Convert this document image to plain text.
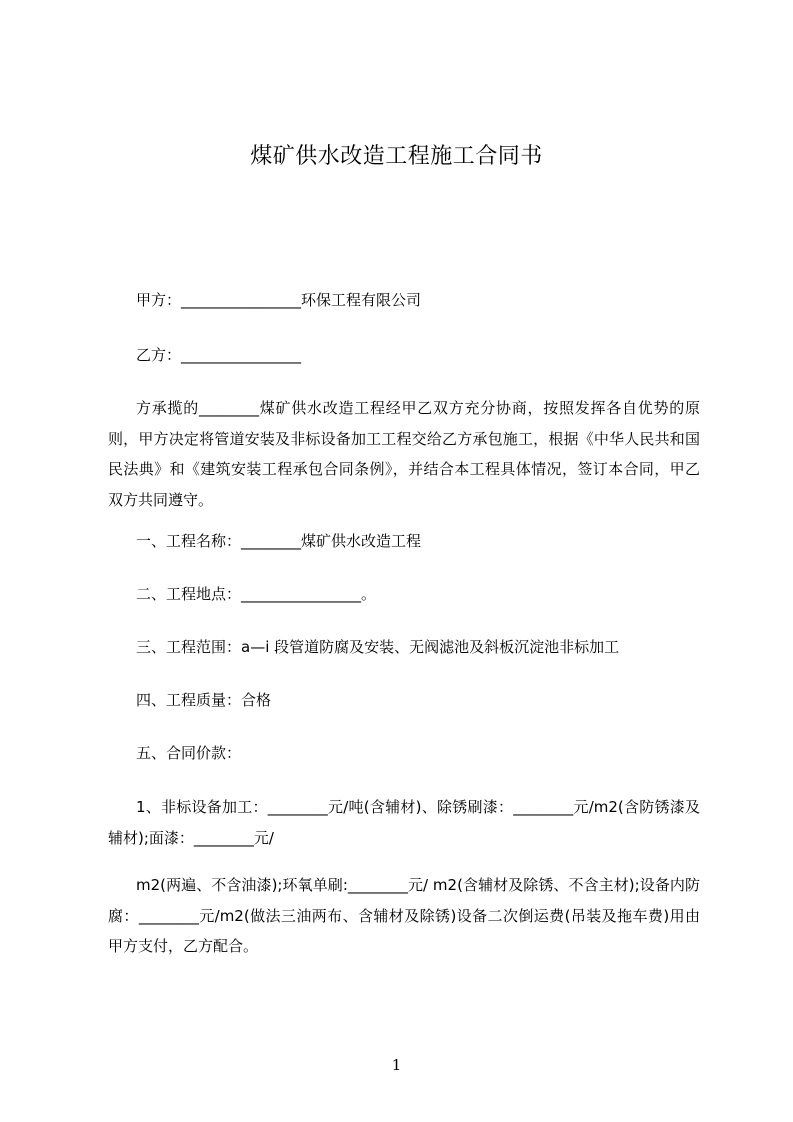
煤矿供水改造工程施工合同书
甲方：________________环保工程有限公司
乙方：________________
方承揽的________煤矿供水改造工程经甲乙双方充分协商，按照发挥各自优势的原则，甲方决定将管道安装及非标设备加工工程交给乙方承包施工，根据《中华人民共和国民法典》和《建筑安装工程承包合同条例》，并结合本工程具体情况，签订本合同，甲乙双方共同遵守。
一、工程名称：________煤矿供水改造工程
二、工程地点：________________。
三、工程范围：a—i 段管道防腐及安装、无阀滤池及斜板沉淀池非标加工
四、工程质量：合格
五、合同价款：
1、非标设备加工：________元/吨(含辅材)、除锈刷漆：________元/m2(含防锈漆及辅材);面漆：________元/
m2(两遍、不含油漆);环氧单刷:________元/ m2(含辅材及除锈、不含主材);设备内防腐：________元/m2(做法三油两布、含辅材及除锈)设备二次倒运费(吊装及拖车费)用由甲方支付，乙方配合。
1
